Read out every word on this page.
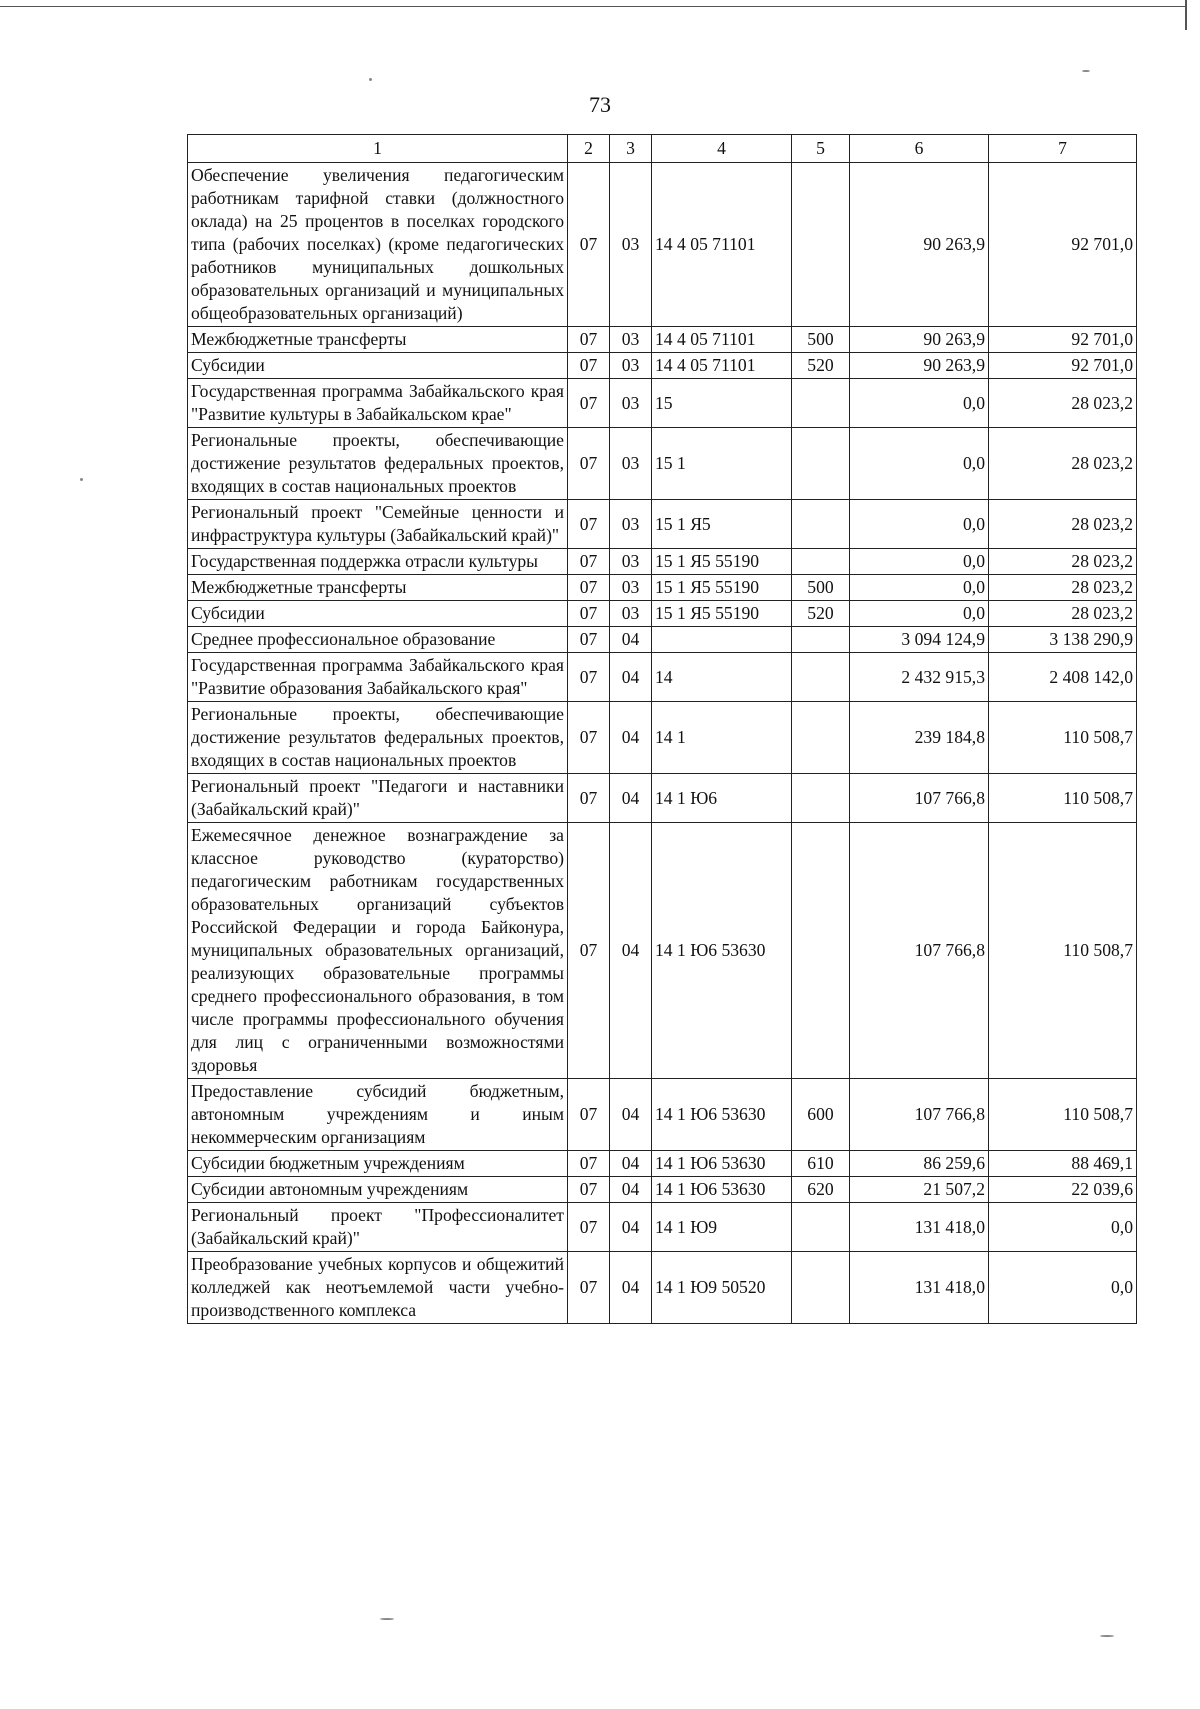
73
1	2	3	4	5	6	7
Обеспечение увеличения педагогическим работникам тарифной ставки (должностного оклада) на 25 процентов в поселках городского типа (рабочих поселках) (кроме педагогических работников муниципальных дошкольных образовательных организаций и муниципальных общеобразовательных организаций)	07	03	14 4 05 71101		90 263,9	92 701,0
Межбюджетные трансферты	07	03	14 4 05 71101	500	90 263,9	92 701,0
Субсидии	07	03	14 4 05 71101	520	90 263,9	92 701,0
Государственная программа Забайкальского края "Развитие культуры в Забайкальском крае"	07	03	15		0,0	28 023,2
Региональные проекты, обеспечивающие достижение результатов федеральных проектов, входящих в состав национальных проектов	07	03	15 1		0,0	28 023,2
Региональный проект "Семейные ценности и инфраструктура культуры (Забайкальский край)"	07	03	15 1 Я5		0,0	28 023,2
Государственная поддержка отрасли культуры	07	03	15 1 Я5 55190		0,0	28 023,2
Межбюджетные трансферты	07	03	15 1 Я5 55190	500	0,0	28 023,2
Субсидии	07	03	15 1 Я5 55190	520	0,0	28 023,2
Среднее профессиональное образование	07	04			3 094 124,9	3 138 290,9
Государственная программа Забайкальского края "Развитие образования Забайкальского края"	07	04	14		2 432 915,3	2 408 142,0
Региональные проекты, обеспечивающие достижение результатов федеральных проектов, входящих в состав национальных проектов	07	04	14 1		239 184,8	110 508,7
Региональный проект "Педагоги и наставники (Забайкальский край)"	07	04	14 1 Ю6		107 766,8	110 508,7
Ежемесячное денежное вознаграждение за классное руководство (кураторство) педагогическим работникам государственных образовательных организаций субъектов Российской Федерации и города Байконура, муниципальных образовательных организаций, реализующих образовательные программы среднего профессионального образования, в том числе программы профессионального обучения для лиц с ограниченными возможностями здоровья	07	04	14 1 Ю6 53630		107 766,8	110 508,7
Предоставление субсидий бюджетным, автономным учреждениям и иным некоммерческим организациям	07	04	14 1 Ю6 53630	600	107 766,8	110 508,7
Субсидии бюджетным учреждениям	07	04	14 1 Ю6 53630	610	86 259,6	88 469,1
Субсидии автономным учреждениям	07	04	14 1 Ю6 53630	620	21 507,2	22 039,6
Региональный проект "Профессионалитет (Забайкальский край)"	07	04	14 1 Ю9		131 418,0	0,0
Преобразование учебных корпусов и общежитий колледжей как неотъемлемой части учебно-производственного комплекса	07	04	14 1 Ю9 50520		131 418,0	0,0
